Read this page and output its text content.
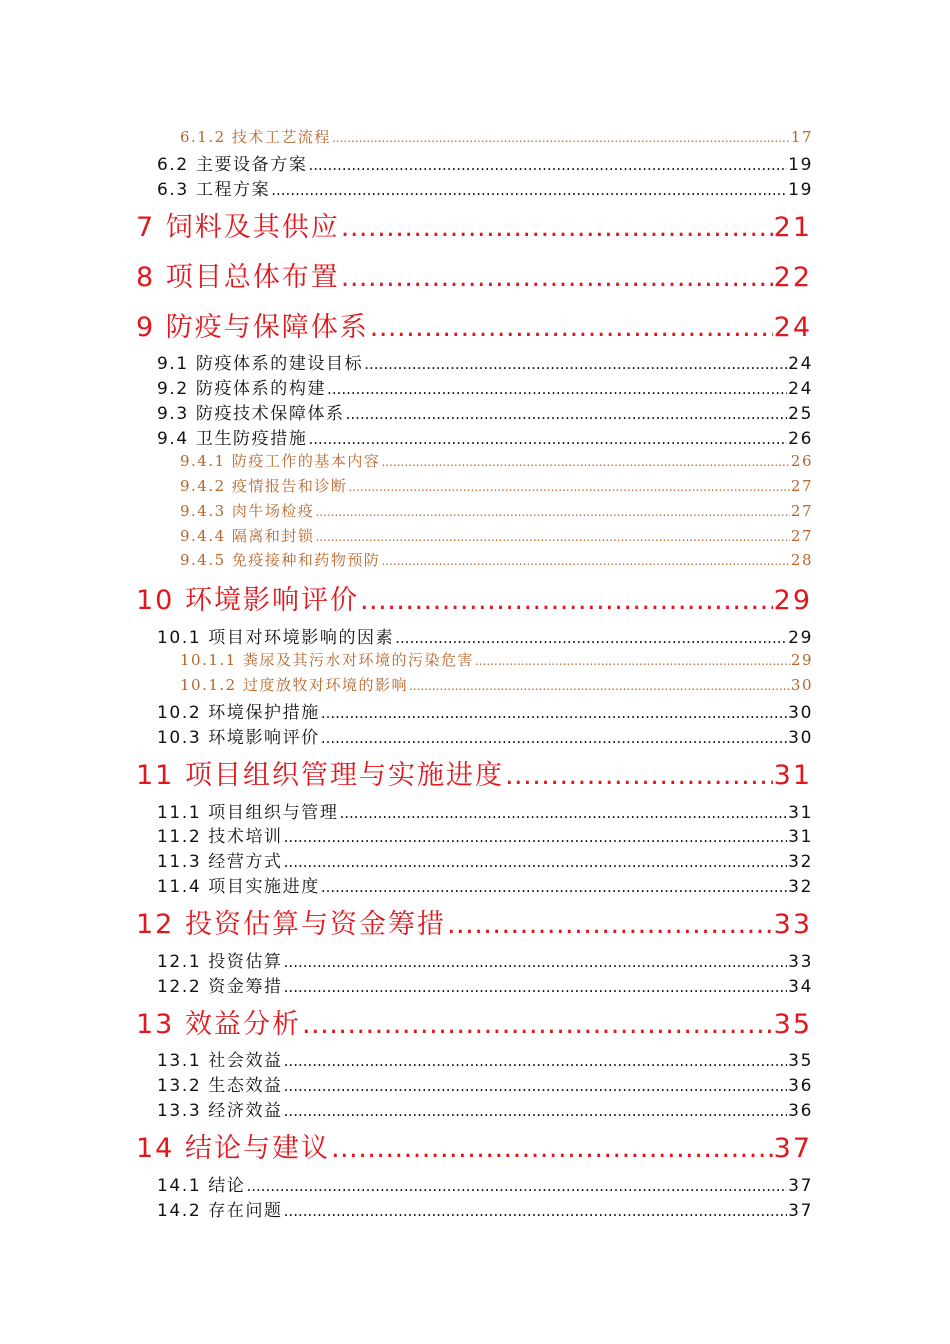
6.1.2 技术工艺流程 .....	17
6.2 主要设备方案 .....	19
6.3 工程方案 .....	19
7 饲料及其供应 .....	21
8 项目总体布置 .....	22
9 防疫与保障体系 .....	24
9.1 防疫体系的建设目标 .....	24
9.2 防疫体系的构建 .....	24
9.3 防疫技术保障体系 .....	25
9.4 卫生防疫措施 .....	26
9.4.1 防疫工作的基本内容 .....	26
9.4.2 疫情报告和诊断 .....	27
9.4.3 肉牛场检疫 .....	27
9.4.4 隔离和封锁 .....	27
9.4.5 免疫接种和药物预防 .....	28
10 环境影响评价 .....	29
10.1 项目对环境影响的因素 .....	29
10.1.1 粪尿及其污水对环境的污染危害 .....	29
10.1.2 过度放牧对环境的影响 .....	30
10.2 环境保护措施 .....	30
10.3 环境影响评价 .....	30
11 项目组织管理与实施进度 .....	31
11.1 项目组织与管理 .....	31
11.2 技术培训 .....	31
11.3 经营方式 .....	32
11.4 项目实施进度 .....	32
12 投资估算与资金筹措 .....	33
12.1 投资估算 .....	33
12.2 资金筹措 .....	34
13 效益分析 .....	35
13.1 社会效益 .....	35
13.2 生态效益 .....	36
13.3 经济效益 .....	36
14 结论与建议 .....	37
14.1 结论 .....	37
14.2 存在问题 .....	37
